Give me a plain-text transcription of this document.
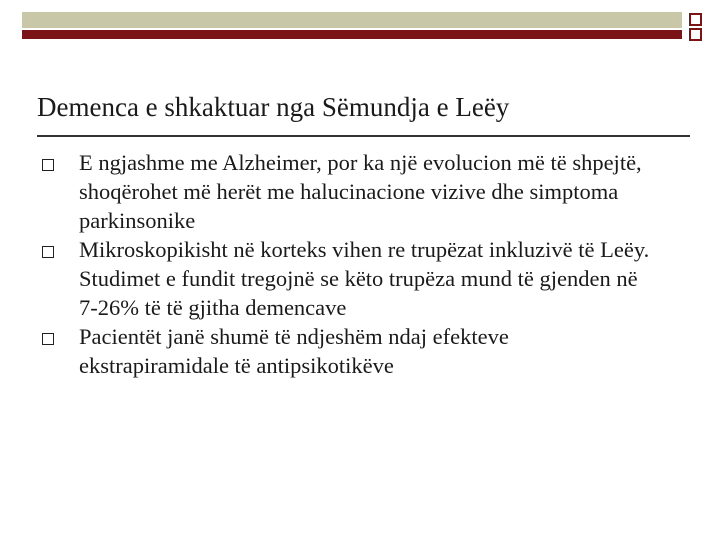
Demenca e shkaktuar nga Sëmundja e Leëy
E ngjashme me Alzheimer, por ka një evolucion më të shpejtë, shoqërohet më herët me halucinacione vizive dhe simptoma parkinsonike
Mikroskopikisht në korteks vihen re trupëzat inkluzivë të Leëy. Studimet e fundit tregojnë se këto trupëza mund të gjenden në 7-26% të të gjitha demencave
Pacientët janë shumë të ndjeshëm ndaj efekteve ekstrapiramidale të antipsikotikëve
